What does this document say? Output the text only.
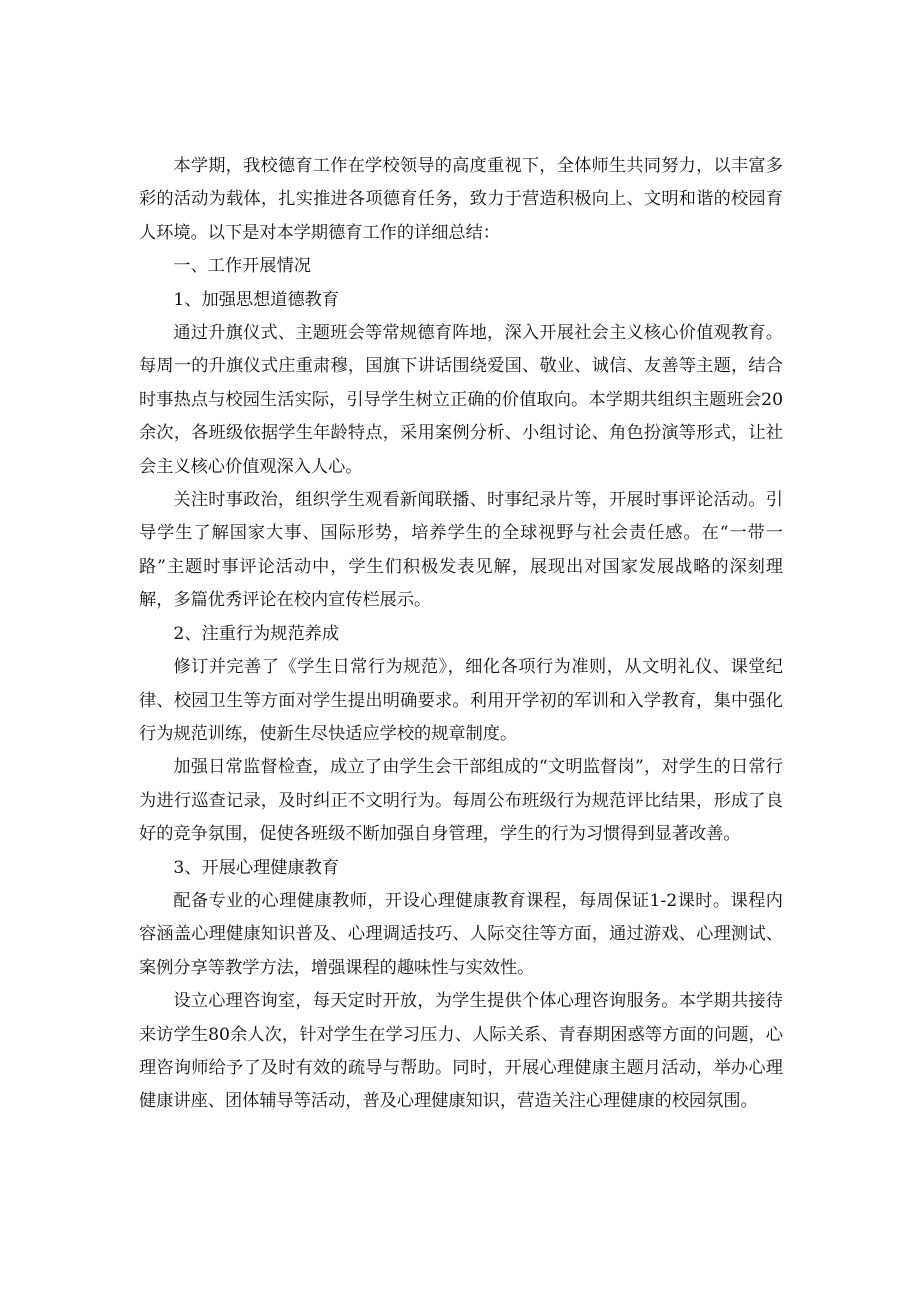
本学期，我校德育工作在学校领导的高度重视下，全体师生共同努力，以丰富多彩的活动为载体，扎实推进各项德育任务，致力于营造积极向上、文明和谐的校园育人环境。以下是对本学期德育工作的详细总结：

一、工作开展情况

1、加强思想道德教育

通过升旗仪式、主题班会等常规德育阵地，深入开展社会主义核心价值观教育。每周一的升旗仪式庄重肃穆，国旗下讲话围绕爱国、敬业、诚信、友善等主题，结合时事热点与校园生活实际，引导学生树立正确的价值取向。本学期共组织主题班会20余次，各班级依据学生年龄特点，采用案例分析、小组讨论、角色扮演等形式，让社会主义核心价值观深入人心。

关注时事政治，组织学生观看新闻联播、时事纪录片等，开展时事评论活动。引导学生了解国家大事、国际形势，培养学生的全球视野与社会责任感。在“一带一路”主题时事评论活动中，学生们积极发表见解，展现出对国家发展战略的深刻理解，多篇优秀评论在校内宣传栏展示。

2、注重行为规范养成

修订并完善了《学生日常行为规范》，细化各项行为准则，从文明礼仪、课堂纪律、校园卫生等方面对学生提出明确要求。利用开学初的军训和入学教育，集中强化行为规范训练，使新生尽快适应学校的规章制度。

加强日常监督检查，成立了由学生会干部组成的“文明监督岗”，对学生的日常行为进行巡查记录，及时纠正不文明行为。每周公布班级行为规范评比结果，形成了良好的竞争氛围，促使各班级不断加强自身管理，学生的行为习惯得到显著改善。

3、开展心理健康教育

配备专业的心理健康教师，开设心理健康教育课程，每周保证1-2课时。课程内容涵盖心理健康知识普及、心理调适技巧、人际交往等方面，通过游戏、心理测试、案例分享等教学方法，增强课程的趣味性与实效性。

设立心理咨询室，每天定时开放，为学生提供个体心理咨询服务。本学期共接待来访学生80余人次，针对学生在学习压力、人际关系、青春期困惑等方面的问题，心理咨询师给予了及时有效的疏导与帮助。同时，开展心理健康主题月活动，举办心理健康讲座、团体辅导等活动，普及心理健康知识，营造关注心理健康的校园氛围。
